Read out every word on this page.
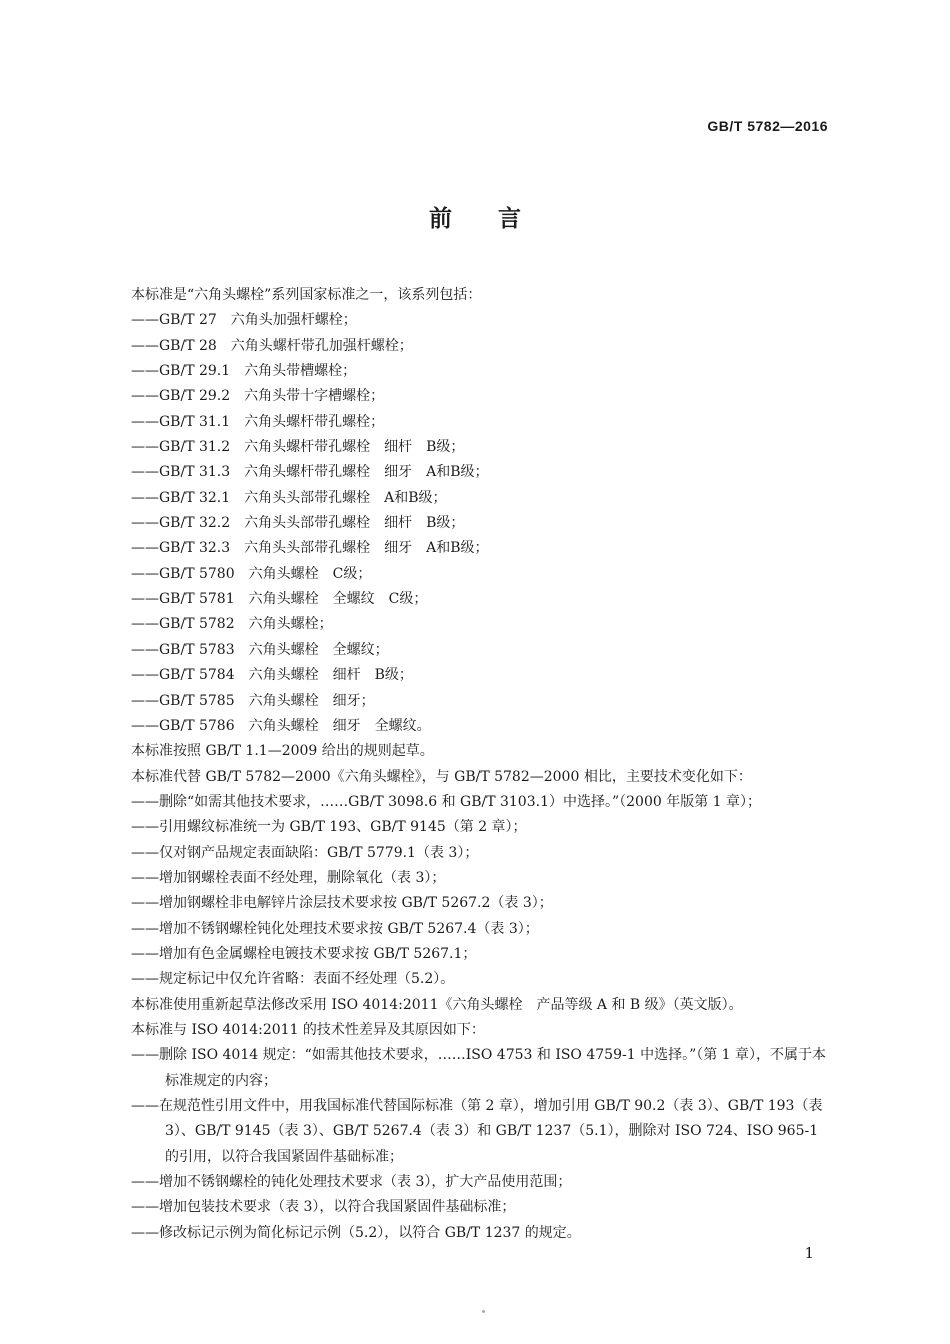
GB/T 5782—2016
前言
本标准是“六角头螺栓”系列国家标准之一，该系列包括：
——GB/T 27　六角头加强杆螺栓；
——GB/T 28　六角头螺杆带孔加强杆螺栓；
——GB/T 29.1　六角头带槽螺栓；
——GB/T 29.2　六角头带十字槽螺栓；
——GB/T 31.1　六角头螺杆带孔螺栓；
——GB/T 31.2　六角头螺杆带孔螺栓　细杆　B级；
——GB/T 31.3　六角头螺杆带孔螺栓　细牙　A和B级；
——GB/T 32.1　六角头头部带孔螺栓　A和B级；
——GB/T 32.2　六角头头部带孔螺栓　细杆　B级；
——GB/T 32.3　六角头头部带孔螺栓　细牙　A和B级；
——GB/T 5780　六角头螺栓　C级；
——GB/T 5781　六角头螺栓　全螺纹　C级；
——GB/T 5782　六角头螺栓；
——GB/T 5783　六角头螺栓　全螺纹；
——GB/T 5784　六角头螺栓　细杆　B级；
——GB/T 5785　六角头螺栓　细牙；
——GB/T 5786　六角头螺栓　细牙　全螺纹。
本标准按照 GB/T 1.1—2009 给出的规则起草。
本标准代替 GB/T 5782—2000《六角头螺栓》，与 GB/T 5782—2000 相比，主要技术变化如下：
——删除“如需其他技术要求，……GB/T 3098.6 和 GB/T 3103.1）中选择。”（2000 年版第 1 章）；
——引用螺纹标准统一为 GB/T 193、GB/T 9145（第 2 章）；
——仅对钢产品规定表面缺陷：GB/T 5779.1（表 3）；
——增加钢螺栓表面不经处理，删除氧化（表 3）；
——增加钢螺栓非电解锌片涂层技术要求按 GB/T 5267.2（表 3）；
——增加不锈钢螺栓钝化处理技术要求按 GB/T 5267.4（表 3）；
——增加有色金属螺栓电镀技术要求按 GB/T 5267.1；
——规定标记中仅允许省略：表面不经处理（5.2）。
本标准使用重新起草法修改采用 ISO 4014:2011《六角头螺栓　产品等级 A 和 B 级》（英文版）。
本标准与 ISO 4014:2011 的技术性差异及其原因如下：
——删除 ISO 4014 规定：“如需其他技术要求，……ISO 4753 和 ISO 4759-1 中选择。”（第 1 章），不属于本标准规定的内容；
——在规范性引用文件中，用我国标准代替国际标准（第 2 章），增加引用 GB/T 90.2（表 3）、GB/T 193（表 3）、GB/T 9145（表 3）、GB/T 5267.4（表 3）和 GB/T 1237（5.1），删除对 ISO 724、ISO 965-1 的引用，以符合我国紧固件基础标准；
——增加不锈钢螺栓的钝化处理技术要求（表 3），扩大产品使用范围；
——增加包装技术要求（表 3），以符合我国紧固件基础标准；
——修改标记示例为简化标记示例（5.2），以符合 GB/T 1237 的规定。
1
